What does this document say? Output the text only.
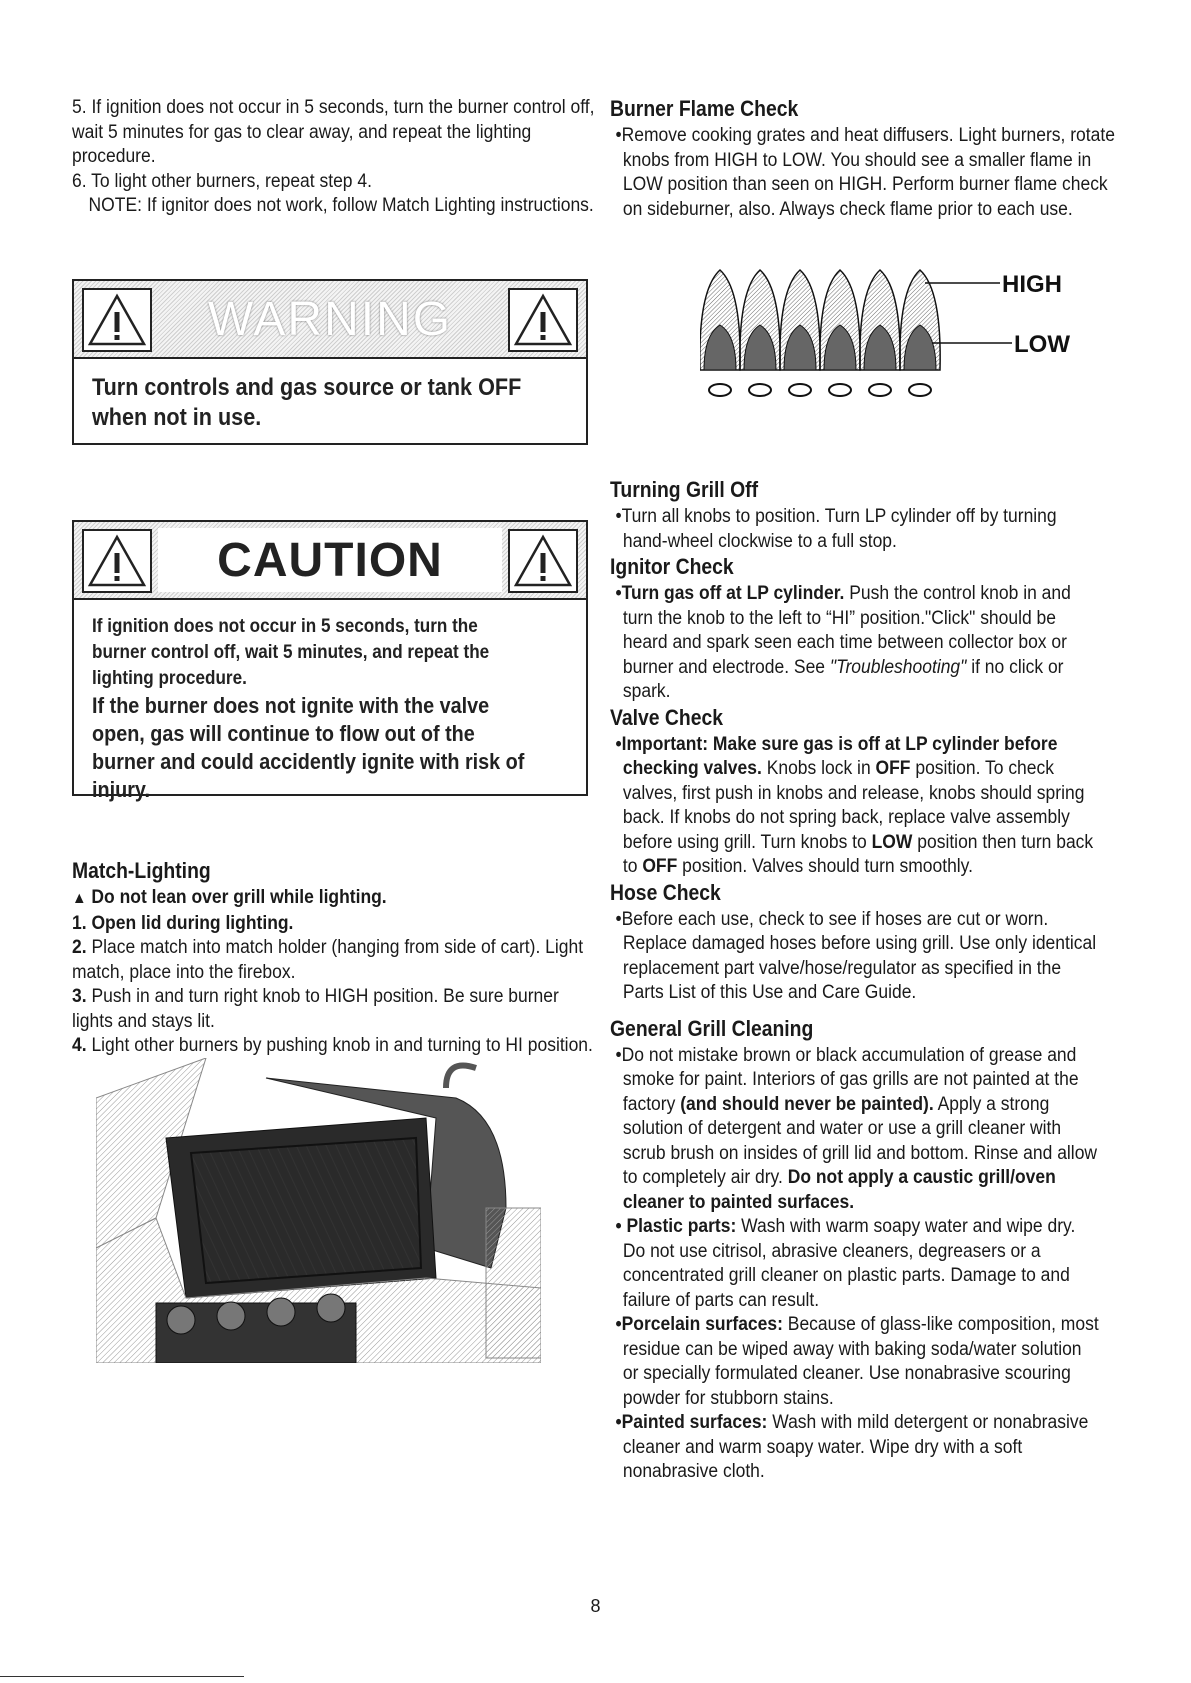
5. If ignition does not occur in 5 seconds, turn the burner control off, wait 5 minutes for gas to clear away, and repeat the lighting procedure.

6. To light other burners, repeat step 4.

NOTE: If ignitor does not work, follow Match Lighting instructions.

WARNING
Turn controls and gas source or tank OFF when not in use.
CAUTION
If ignition does not occur in 5 seconds, turn the burner control off, wait 5 minutes, and repeat the lighting procedure.
If the burner does not ignite with the valve open, gas will continue to flow out of the burner and could accidently ignite with risk of injury.
Match-Lighting

▲ Do not lean over grill while lighting.

1. Open lid during lighting.

2. Place match into match holder (hanging from side of cart). Light match, place into the firebox.

3. Push in and turn right knob to HIGH position. Be sure burner lights and stays lit.

4. Light other burners by pushing knob in and turning to HI position.

Burner Flame Check

•Remove cooking grates and heat diffusers. Light burners, rotate knobs from HIGH to LOW. You should see a smaller flame in LOW position than seen on HIGH. Perform burner flame check on sideburner, also. Always check flame prior to each use.

HIGH
LOW
Turning Grill Off

•Turn all knobs to position. Turn LP cylinder off by turning hand-wheel clockwise to a full stop.

Ignitor Check

•Turn gas off at LP cylinder. Push the control knob in and turn the knob to the left to “HI” position."Click" should be heard and spark seen each time between collector box or burner and electrode. See "Troubleshooting" if no click or spark.

Valve Check

•Important: Make sure gas is off at LP cylinder before checking valves. Knobs lock in OFF position. To check valves, first push in knobs and release, knobs should spring back. If knobs do not spring back, replace valve assembly before using grill. Turn knobs to LOW position then turn back to OFF position. Valves should turn smoothly.

Hose Check

•Before each use, check to see if hoses are cut or worn. Replace damaged hoses before using grill. Use only identical replacement part valve/hose/regulator as specified in the Parts List of this Use and Care Guide.

General Grill Cleaning

•Do not mistake brown or black accumulation of grease and smoke for paint. Interiors of gas grills are not painted at the factory (and should never be painted). Apply a strong solution of detergent and water or use a grill cleaner with scrub brush on insides of grill lid and bottom. Rinse and allow to completely air dry. Do not apply a caustic grill/oven cleaner to painted surfaces.

• Plastic parts: Wash with warm soapy water and wipe dry. Do not use citrisol, abrasive cleaners, degreasers or a concentrated grill cleaner on plastic parts. Damage to and failure of parts can result.

•Porcelain surfaces: Because of glass-like composition, most residue can be wiped away with baking soda/water solution or specially formulated cleaner. Use nonabrasive scouring powder for stubborn stains.

•Painted surfaces: Wash with mild detergent or nonabrasive cleaner and warm soapy water. Wipe dry with a soft nonabrasive cloth.

8
